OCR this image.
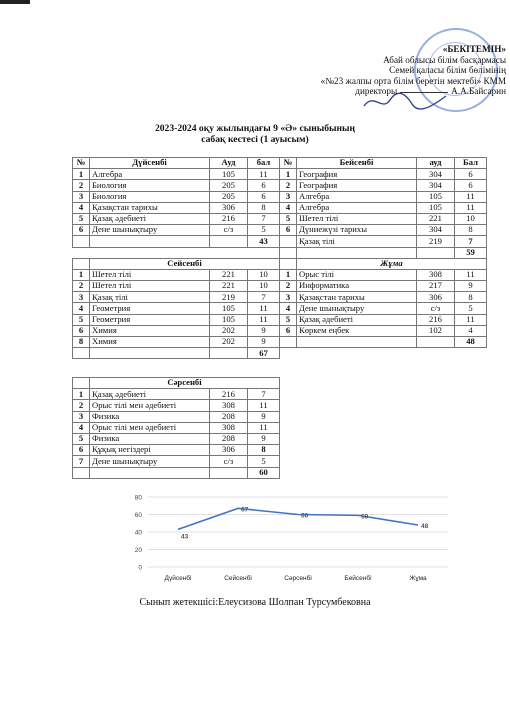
«БЕКІТЕМІН»
Абай облысы білім басқармасы
Семей қаласы білім бөлімінің
«№23 жалпы орта білім беретін мектебі» КММ
директоры	А.А.Байсарин
2023-2024 оқу жылындағы 9 «Ә» сыныбының
сабақ кестесі (1 ауысым)
№	Дүйсенбі	Ауд	бал	№	Бейсенбі	ауд	Бал
1	Алгебра	105	11	1	География	304	6
2	Биология	205	6	2	География	304	6
3	Биология	205	6	3	Алгебра	105	11
4	Қазақстан тарихы	306	8	4	Алгебра	105	11
5	Қазақ әдебиеті	216	7	5	Шетел тілі	221	10
6	Дене шынықтыру	с/з	5	6	Дүниежүзі тарихы	304	8
			43		Қазақ тілі	219	7
							59
	Сейсенбі				Жұма		
1	Шетел тілі	221	10	1	Орыс тілі	308	11
2	Шетел тілі	221	10	2	Информатика	217	9
3	Қазақ тілі	219	7	3	Қазақстан тарихы	306	8
4	Геометрия	105	11	4	Дене шынықтыру	с/з	5
5	Геометрия	105	11	5	Қазақ әдебиеті	216	11
6	Химия	202	9	6	Көркем еңбек	102	4
8	Химия	202	9				48
			67				
	Сәрсенбі		
1	Қазақ әдебиеті	216	7
2	Орыс тілі мен әдебиеті	308	11
3	Физика	208	9
4	Орыс тілі мен әдебиеті	308	11
5	Физика	208	9
6	Құқық негіздері	306	8
7	Дене шынықтыру	с/з	5
			60
0
20
40
60
80
Дүйсенбі	Сейсенбі	Сәрсенбі	Бейсенбі	Жұма
43
67
60	59
48
Сынып жетекшісі:Елеусизова Шолпан Турсумбековна
